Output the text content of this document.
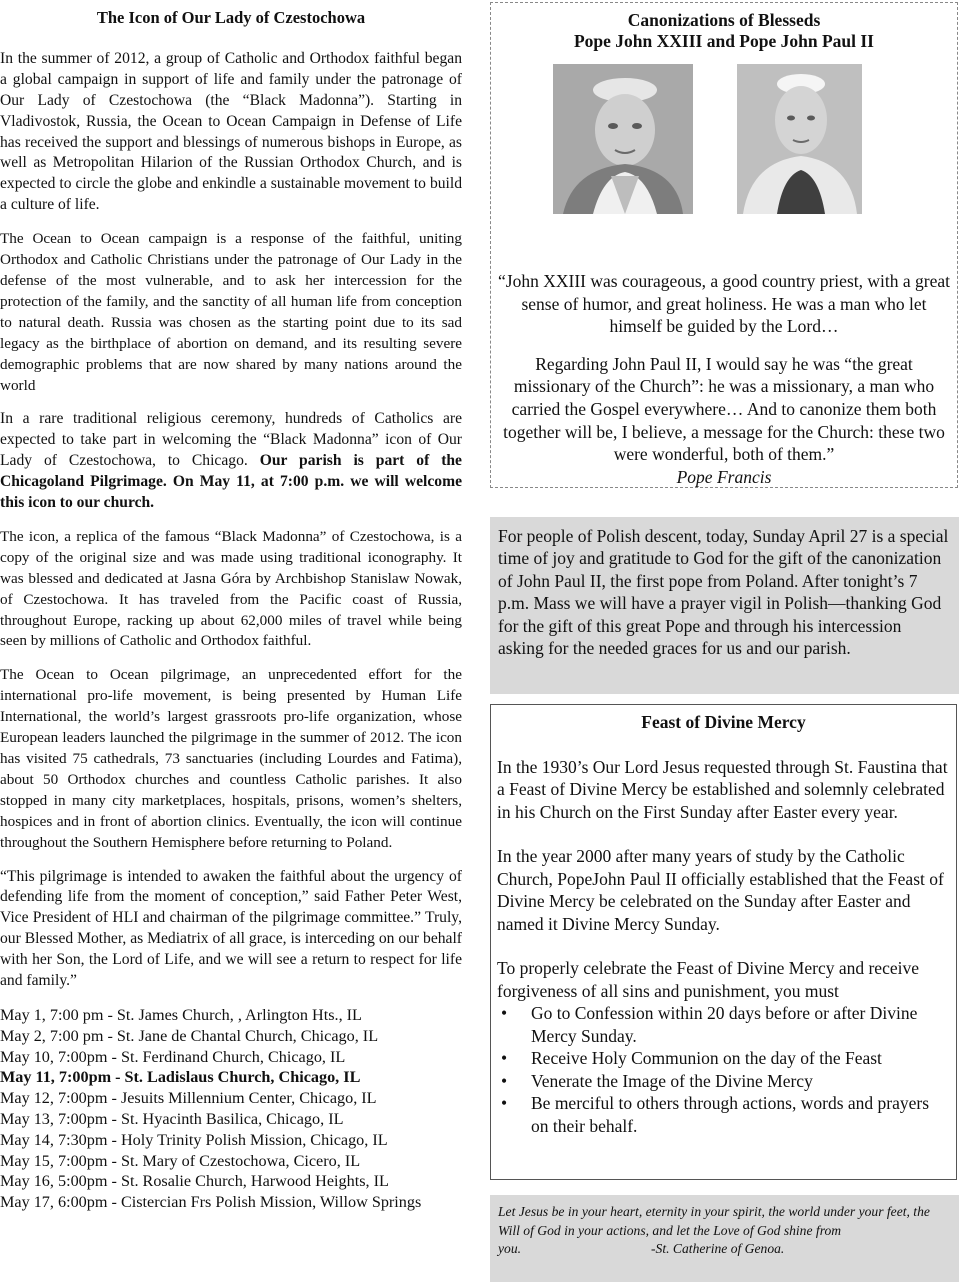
The Icon of Our Lady of Czestochowa

In the summer of 2012, a group of Catholic and Orthodox faithful began a global campaign in support of life and family under the patronage of Our Lady of Czestochowa (the “Black Madonna”). Starting in Vladivostok, Russia, the Ocean to Ocean Campaign in Defense of Life has received the support and blessings of numerous bishops in Europe, as well as Metropolitan Hilarion of the Russian Orthodox Church, and is expected to circle the globe and enkindle a sustainable movement to build a culture of life.

The Ocean to Ocean campaign is a response of the faithful, uniting Orthodox and Catholic Christians under the patronage of Our Lady in the defense of the most vulnerable, and to ask her intercession for the protection of the family, and the sanctity of all human life from conception to natural death. Russia was chosen as the starting point due to its sad legacy as the birthplace of abortion on demand, and its resulting severe demographic problems that are now shared by many nations around the world

In a rare traditional religious ceremony, hundreds of Catholics are expected to take part in welcoming the “Black Madonna” icon of Our Lady of Czestochowa, to Chicago. Our parish is part of the Chicagoland Pilgrimage. On May 11, at 7:00 p.m. we will welcome this icon to our church.

The icon, a replica of the famous “Black Madonna” of Czestochowa, is a copy of the original size and was made using traditional iconography. It was blessed and dedicated at Jasna Góra by Archbishop Stanislaw Nowak, of Czestochowa. It has traveled from the Pacific coast of Russia, throughout Europe, racking up about 62,000 miles of travel while being seen by millions of Catholic and Orthodox faithful.

The Ocean to Ocean pilgrimage, an unprecedented effort for the international pro-life movement, is being presented by Human Life International, the world’s largest grassroots pro-life organization, whose European leaders launched the pilgrimage in the summer of 2012. The icon has visited 75 cathedrals, 73 sanctuaries (including Lourdes and Fatima), about 50 Orthodox churches and countless Catholic parishes. It also stopped in many city marketplaces, hospitals, prisons, women’s shelters, hospices and in front of abortion clinics. Eventually, the icon will continue throughout the Southern Hemisphere before returning to Poland.

“This pilgrimage is intended to awaken the faithful about the urgency of defending life from the moment of conception,” said Father Peter West, Vice President of HLI and chairman of the pilgrimage committee.” Truly, our Blessed Mother, as Mediatrix of all grace, is interceding on our behalf with her Son, the Lord of Life, and we will see a return to respect for life and family.”

May 1, 7:00 pm - St. James Church, , Arlington Hts., IL
May 2, 7:00 pm - St. Jane de Chantal Church, Chicago, IL
May 10, 7:00pm - St. Ferdinand Church, Chicago, IL
May 11, 7:00pm - St. Ladislaus Church, Chicago, IL
May 12, 7:00pm - Jesuits Millennium Center, Chicago, IL
May 13, 7:00pm - St. Hyacinth Basilica, Chicago, IL
May 14, 7:30pm - Holy Trinity Polish Mission, Chicago, IL
May 15, 7:00pm - St. Mary of Czestochowa, Cicero, IL
May 16, 5:00pm - St. Rosalie Church, Harwood Heights, IL
May 17, 6:00pm - Cistercian Frs Polish Mission, Willow Springs
Canonizations of Blesseds
Pope John XXIII and Pope John Paul II

“John XXIII was courageous, a good country priest, with a great sense of humor, and great holiness. He was a man who let himself be guided by the Lord…

Regarding John Paul II, I would say he was “the great missionary of the Church”: he was a missionary, a man who carried the Gospel everywhere… And to canonize them both together will be, I believe, a message for the Church: these two were wonderful, both of them.”
Pope Francis

For people of Polish descent, today, Sunday April 27 is a special time of joy and gratitude to God for the gift of the canonization of John Paul II, the first pope from Poland. After tonight’s 7 p.m. Mass we will have a prayer vigil in Polish—thanking God for the gift of this great Pope and through his intercession asking for the needed graces for us and our parish.
Feast of Divine Mercy

In the 1930’s Our Lord Jesus requested through St. Faustina that a Feast of Divine Mercy be established and solemnly celebrated in his Church on the First Sunday after Easter every year.

In the year 2000 after many years of study by the Catholic Church, PopeJohn Paul II officially established that the Feast of Divine Mercy be celebrated on the Sunday after Easter and named it Divine Mercy Sunday.

To properly celebrate the Feast of Divine Mercy and receive forgiveness of all sins and punishment, you must

• Go to Confession within 20 days before or after Divine Mercy Sunday.
• Receive Holy Communion on the day of the Feast
• Venerate the Image of the Divine Mercy
• Be merciful to others through actions, words and prayers on their behalf.
Let Jesus be in your heart, eternity in your spirit, the world under your feet, the Will of God in your actions, and let the Love of God shine from you.	-St. Catherine of Genoa.
